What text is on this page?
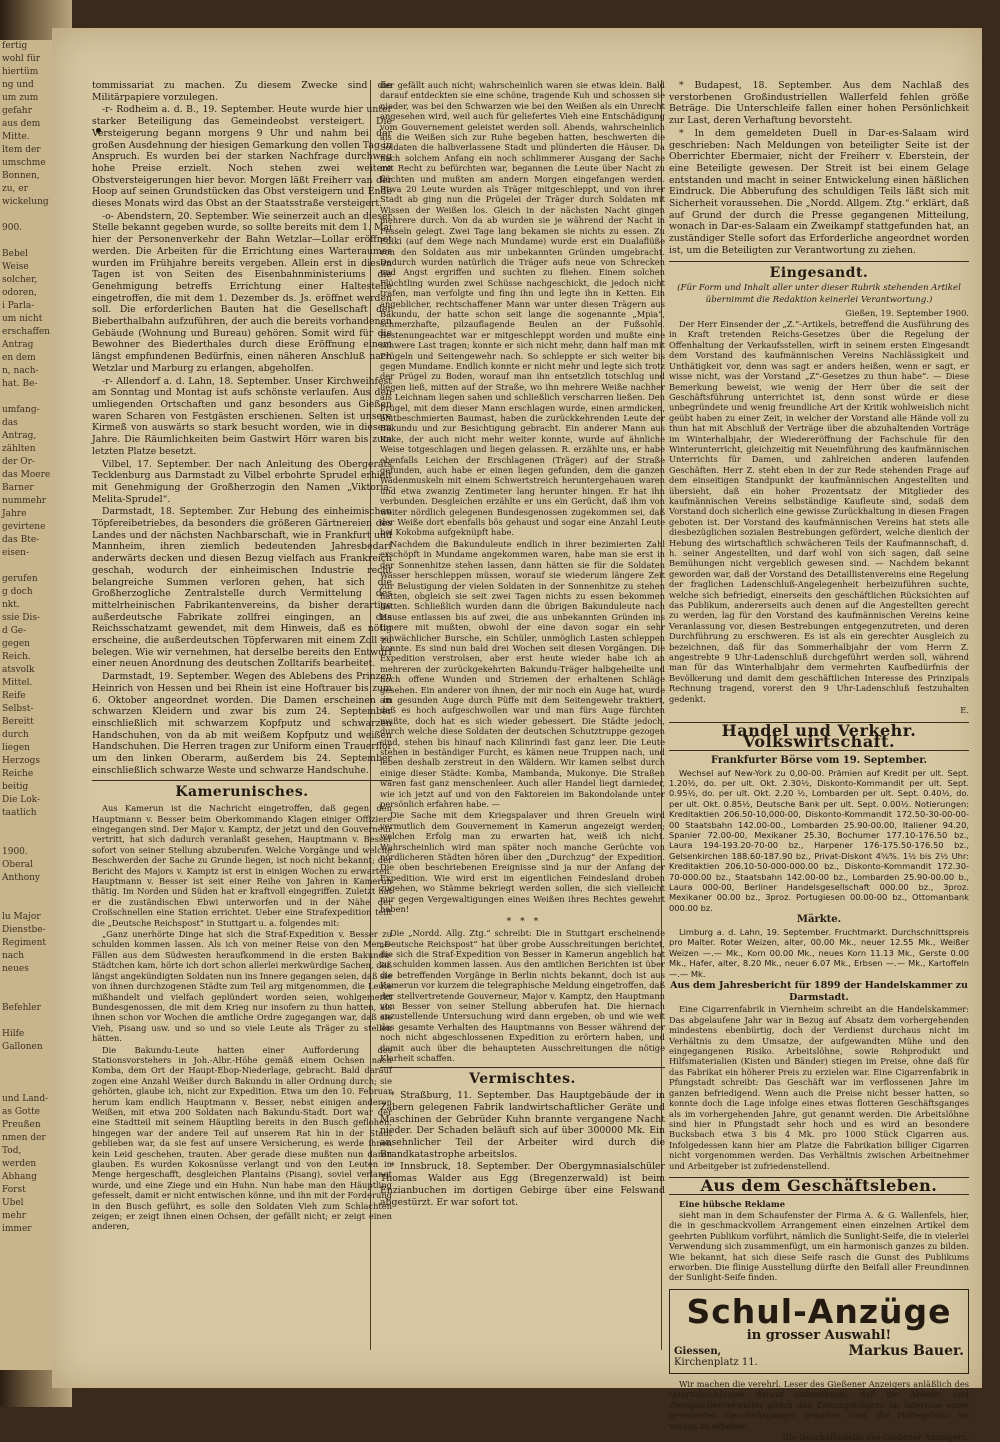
fertig

wohl für

hiertüm

ng und

um zum

gefahr

aus dem

Mitte.

ltem der

umschme

Bonnen,

zu, er

wickelung

900.

Bebel

Weise

solcher,

odoren,

i Parla-

um nicht

erschaffen

Antrag

en dem

n, nach-

hat. Be-

umfang-

das

Antrag,

zählten

der Or-

das Moere

Barner

nummehr

Jahre

gevirtene

das Bte-

eisen-

gerufen

g doch

nkt.

ssie Dis-

d Ge-

gegen

Reich.

atsvolk

Mittel.

Reife

Selbst-

Bereitt

durch

liegen

Herzogs

Reiche

beitig

Die Lok-

taatlich

1900.

Oberal

Anthony

lu Major

Dienstbe-

Regiment

nach

neues

Befehler

Hilfe

Gallonen

und Land-

as Gotte

Preußen

nmen der

Tod,

werden

Abhang

Forst

Ubel

mehr

immer

tommissariat zu machen. Zu diesem Zwecke sind die Militärpapiere vorzulegen.

-r- Rodheim a. d. B., 19. September. Heute wurde hier unter starker Beteiligung das Gemeindeobst versteigert. Die Versteigerung begann morgens 9 Uhr und nahm bei der großen Ausdehnung der hiesigen Gemarkung den vollen Tag in Anspruch. Es wurden bei der starken Nachfrage durchweg hohe Preise erzielt. Noch stehen zwei weitere Obstversteigerungen hier bevor. Morgen läßt Freiherr van der Hoop auf seinen Grundstücken das Obst versteigern und Ende dieses Monats wird das Obst an der Staatsstraße versteigert.

-o- Abendstern, 20. September. Wie seinerzeit auch an dieser Stelle bekannt gegeben wurde, so sollte bereits mit dem 1. Mai hier der Personenverkehr der Bahn Wetzlar—Lollar eröffnet werden. Die Arbeiten für die Errichtung eines Warteraumes wurden im Frühjahre bereits vergeben. Allein erst in diesen Tagen ist von Seiten des Eisenbahnministeriums die Genehmigung betreffs Errichtung einer Haltestelle eingetroffen, die mit dem 1. Dezember ds. Js. eröffnet werden soll. Die erforderlichen Bauten hat die Gesellschaft der Bieberthalbahn aufzuführen, der auch die bereits vorhandenen Gebäude (Wohnung und Bureau) gehören. Somit wird für die Bewohner des Biederthales durch diese Eröffnung einem längst empfundenen Bedürfnis, einen näheren Anschluß nach Wetzlar und Marburg zu erlangen, abgeholfen.

-r- Allendorf a. d. Lahn, 18. September. Unser Kirchweihfest am Sonntag und Montag ist aufs schönste verlaufen. Aus den umliegenden Ortschaften und ganz besonders aus Gießen waren Scharen von Festgästen erschienen. Selten ist unsere Kirmeß von auswärts so stark besucht worden, wie in diesem Jahre. Die Räumlichkeiten beim Gastwirt Hörr waren bis zum letzten Platze besetzt.

Vilbel, 17. September. Der nach Anleitung des Obergerats Tecklenburg aus Darmstadt zu Vilbel erbohrte Sprudel erhielt mit Genehmigung der Großherzogin den Namen „Viktoria-Melita-Sprudel“.

Darmstadt, 18. September. Zur Hebung des einheimischen Töpfereibetriebes, da besonders die größeren Gärtnereien des Landes und der nächsten Nachbarschaft, wie in Frankfurt und Mannheim, ihren ziemlich bedeutenden Jahresbedarf anderwärts decken und diesen Bezug vielfach aus Frankreich geschah, wodurch der einheimischen Industrie recht belangreiche Summen verloren gehen, hat sich die Großherzogliche Zentralstelle durch Vermittelung des mittelrheinischen Fabrikantenvereins, da bisher derartige außerdeutsche Fabrikate zollfrei eingingen, an das Reichsschatzamt gewendet, mit dem Hinweis, daß es nötig erscheine, die außerdeutschen Töpferwaren mit einem Zoll zu belegen. Wie wir vernehmen, hat derselbe bereits den Entwurf einer neuen Anordnung des deutschen Zolltarifs bearbeitet.

Darmstadt, 19. September. Wegen des Ablebens des Prinzen Heinrich von Hessen und bei Rhein ist eine Hoftrauer bis zum 6. Oktober angeordnet worden. Die Damen erscheinen in schwarzen Kleidern und zwar bis zum 24. September einschließlich mit schwarzem Kopfputz und schwarzen Handschuhen, von da ab mit weißem Kopfputz und weißen Handschuhen. Die Herren tragen zur Uniform einen Trauerflor um den linken Oberarm, außerdem bis 24. September einschließlich schwarze Weste und schwarze Handschuhe.

Kamerunisches.

Aus Kamerun ist die Nachricht eingetroffen, daß gegen den Hauptmann v. Besser beim Oberkommando Klagen einiger Offiziere eingegangen sind. Der Major v. Kamptz, der jetzt und den Gouverneur vertritt, hat sich dadurch veranlaßt gesehen, Hauptmann v. Besser sofort von seiner Stellung abzuberufen. Welche Vorgänge und welche Beschwerden der Sache zu Grunde liegen, ist noch nicht bekannt; der Bericht des Majors v. Kamptz ist erst in einigen Wochen zu erwarten. Hauptmann v. Besser ist seit einer Reihe von Jahren in Kamerun thätig. Im Norden und Süden hat er kraftvoll eingegriffen. Zuletzt hat er die zuständischen Ebwi unterworfen und in der Nähe der Croßschnellen eine Station errichtet. Ueber eine Strafexpedition teilt die „Deutsche Reichspost“ in Stuttgart u. a. folgendes mit:

„Ganz unerhörte Dinge hat sich die Straf-Expedition v. Besser zu schulden kommen lassen. Als ich von meiner Reise von den Meme-Fällen aus dem Südwesten heraufkommend in die ersten Bakundu-Städtchen kam, hörte ich dort schon allerlei merkwürdige Sachen, daß längst angekündigten Soldaten nun ins Innere gegangen seien, daß sie von ihnen durchzogenen Städte zum Teil arg mitgenommen, die Leute mißhandelt und vielfach geplündert worden seien, wohlgemerkt Bundesgenossen, die mit dem Krieg nur insofern zu thun hatten, als ihnen schon vor Wochen die amtliche Ordre zugegangen war, daß sie Vieh, Pisang usw. und so und so viele Leute als Träger zu stellen hätten.

Die Bakundu-Leute hatten einer Aufforderung des Stationsvorstehers in Joh.-Albr.-Höhe gemäß einem Ochsen nach Komba, dem Ort der Haupt-Ebop-Niederlage, gebracht. Bald darauf zogen eine Anzahl Weißer durch Bakundu in aller Ordnung durch; sie gehörten, glaube ich, nicht zur Expedition. Etwa um den 10. Februar herum kam endlich Hauptmann v. Besser, nebst einigen anderen Weißen, mit etwa 200 Soldaten nach Bakundu-Stadt. Dort war der eine Stadtteil mit seinem Häuptling bereits in den Busch geflohen, hingegen war der andere Teil auf unserem Rat hin in der Stadt geblieben war, da sie fest auf unsere Versicherung, es werde ihnen kein Leid geschehen, trauten. Aber gerade diese mußten nun daran glauben. Es wurden Kokosnüsse verlangt und von den Leuten in Menge hergeschafft, desgleichen Plantains (Pisang), soviel verlangt wurde, und eine Ziege und ein Huhn. Nun habe man den Häuptling gefesselt, damit er nicht entwischen könne, und ihn mit der Forderung in den Busch geführt, es solle den Soldaten Vieh zum Schlachten zeigen; er zeigt ihnen einen Ochsen, der gefällt nicht; er zeigt einen anderen,

der gefällt auch nicht; wahrscheinlich waren sie etwas klein. Bald darauf entdeckten sie eine schöne, tragende Kuh und schossen sie nieder, was bei den Schwarzen wie bei den Weißen als ein Unrecht angesehen wird, weil auch für geliefertes Vieh eine Entschädigung vom Gouvernement geleistet werden soll. Abends, wahrscheinlich als die Weißen sich zur Ruhe begeben hatten, beschwerten die Soldaten die halbverlassene Stadt und plünderten die Häuser. Da nach solchem Anfang ein noch schlimmerer Ausgang der Sache mit Recht zu befürchten war, begannen die Leute über Nacht zu flüchten und mußten am andern Morgen eingefangen werden. Etwa 20 Leute wurden als Träger mitgeschleppt, und von ihrer Stadt ab ging nun die Prügelei der Träger durch Soldaten mit Wissen der Weißen los. Gleich in der nächsten Nacht gingen mehrere durch. Von da ab wurden sie je während der Nacht in Fesseln gelegt. Zwei Tage lang bekamen sie nichts zu essen. Zu Ediki (auf dem Wege nach Mundame) wurde erst ein Dualaflüße von den Soldaten aus mir unbekannten Gründen umgebracht. Dadurch wurden natürlich die Träger aufs neue von Schrecken und Angst ergriffen und suchten zu fliehen. Einem solchen Flüchtling wurden zwei Schüsse nachgeschickt, die jedoch nicht trafen, man verfolgte und fing ihn und legte ihn in Ketten. Ein angeblicher, rechtschaffener Mann war unter diesen Trägern aus Bakundu, der hatte schon seit lange die sogenannte „Mpia“, schmerzhafte, pilzauflagende Beulen an der Fußsohle. Bestenungeachtet war er mitgeschleppt worden und mußte eine schwere Last tragen; konnte er sich nicht mehr, dann half man mit Prügeln und Seitengewehr nach. So schleppte er sich weiter bis gegen Mundame. Endlich konnte er nicht mehr und legte sich trotz der Prügel zu Boden, worauf man ihn entsetzlich totschlug und liegen ließ, mitten auf der Straße, wo ihn mehrere Weiße nachher als Leichnam liegen sahen und schließlich verscharren ließen. Den Prügel, mit dem dieser Mann erschlagen wurde, einen armdicken, blutbeschmierten Baumast, haben die zurückkehrenden Leute der Bakundu und zur Besichtigung gebracht. Ein anderer Mann aus Kake, der auch nicht mehr weiter konnte, wurde auf ähnliche Weise totgeschlagen und liegen gelassen. R. erzählte uns, er habe ebenfalls Leichen der Erschlagenen (Träger) auf der Straße gefunden, auch habe er einen liegen gefunden, dem die ganzen Wadenmuskeln mit einem Schwertstreich heruntergehauen waren und etwa zwanzig Zentimeter lang herunter hingen. Er hat ihn verbunden. Desgleichen erzählte er uns ein Gerücht, daß ihm von weiter nördlich gelegenen Bundesgenossen zugekommen sei, daß der Weiße dort ebenfalls bös gehaust und sogar eine Anzahl Leute bei Kokobma aufgeknüpft habe.

Nachdem die Bakunduleute endlich in ihrer bezimierten Zahl erschöpft in Mundame angekommen waren, habe man sie erst in der Sonnenhitze stehen lassen, dann hätten sie für die Soldaten Wasser herschleppen müssen, worauf sie wiederum längere Zeit zur Belustigung der vielen Soldaten in der Sonnenhitze zu stehen hatten, obgleich sie seit zwei Tagen nichts zu essen bekommen hatten. Schließlich wurden dann die übrigen Bakunduleute nach Hause entlassen bis auf zwei, die aus unbekannten Gründen ins Innere mit mußten, obwohl der eine davon sogar ein sehr schwächlicher Bursche, ein Schüler, unmöglich Lasten schleppen konnte. Es sind nun bald drei Wochen seit diesen Vorgängen. Die Expedition verstrolsen, aber erst heute wieder habe ich an mehreren der zurückgekehrten Bakundu-Träger halbgeheilte und noch offene Wunden und Striemen der erhaltenen Schläge gesehen. Ein anderer von ihnen, der mir noch ein Auge hat, wurde am gesunden Auge durch Püffe mit dem Seitengewehr traktiert, daß es hoch aufgeschwollen war und man fürs Auge fürchten mußte, doch hat es sich wieder gebessert. Die Städte jedoch, durch welche diese Soldaten der deutschen Schutztruppe gezogen sind, stehen bis hinauf nach Kilinrindi fast ganz leer. Die Leute stehen in beständiger Furcht, es kämen neue Truppen nach, und leben deshalb zerstreut in den Wäldern. Wir kamen selbst durch einige dieser Städte: Komba, Mambanda, Mukonye. Die Straßen waren fast ganz menschenleer. Auch aller Handel liegt darnieder, wie ich jetzt auf und von den Faktoreien im Bakondolande unter persönlich erfahren habe. —

Die Sache mit dem Kriegspalaver und ihren Greueln wird vermutlich dem Gouvernement in Kamerun angezeigt werden; welchen Erfolg man zu erwarten hat, weiß ich nicht. Wahrscheinlich wird man später noch manche Gerüchte von nördlicheren Städten hören über den „Durchzug“ der Expedition. Die oben beschriebenen Ereignisse sind ja nur der Anfang der Expedition. Wie wird erst im eigentlichen Feindesland droben zugehen, wo Stämme bekriegt werden sollen, die sich vielleicht nur gegen Vergewaltigungen eines Weißen ihres Rechtes gewehrt haben!

*   *   *

Die „Nordd. Allg. Ztg.“ schreibt: Die in Stuttgart erscheinende „Deutsche Reichspost“ hat über grobe Ausschreitungen berichtet, die sich die Straf-Expedition von Besser in Kamerun angeblich hat zu schulden kommen lassen. Aus den amtlichen Berichten ist über die betreffenden Vorgänge in Berlin nichts bekannt, doch ist aus Kamerun vor kurzem die telegraphische Meldung eingetroffen, daß der stellvertretende Gouverneur, Major v. Kamptz, den Hauptmann von Besser von seiner Stellung abberufen hat. Die hiernach anzustellende Untersuchung wird dann ergeben, ob und wie weit das gesamte Verhalten des Hauptmanns von Besser während der noch nicht abgeschlossenen Expedition zu erörtern haben, und damit auch über die behaupteten Ausschreitungen die nötige Klarheit schaffen.

Vermischtes.

* Straßburg, 11. September. Das Hauptgebäude der in Zabern gelegenen Fabrik landwirtschaftlicher Geräte und Maschinen der Gebrüder Kuhn brannte vergangene Nacht nieder. Der Schaden beläuft sich auf über 300000 Mk. Ein ansehnlicher Teil der Arbeiter wird durch die Brandkatastrophe arbeitslos.

* Innsbruck, 18. September. Der Obergymnasialschüler Thomas Walder aus Egg (Bregenzerwald) ist beim Enzianbuchen im dortigen Gebirge über eine Felswand abgestürzt. Er war sofort tot.

* Budapest, 18. September. Aus dem Nachlaß des verstorbenen Großindustriellen Wallerfeld fehlen größe Beträge. Die Unterschleife fallen einer hohen Persönlichkeit zur Last, deren Verhaftung bevorsteht.

* In dem gemeldeten Duell in Dar-es-Salaam wird geschrieben: Nach Meldungen von beteiligter Seite ist der Oberrichter Ebermaier, nicht der Freiherr v. Eberstein, der eine Beteiligte gewesen. Der Streit ist bei einem Gelage entstanden und macht in seiner Entwickelung einen häßlichen Eindruck. Die Abberufung des schuldigen Teils läßt sich mit Sicherheit voraussehen. Die „Nordd. Allgem. Ztg.“ erklärt, daß auf Grund der durch die Presse gegangenen Mitteilung, wonach in Dar-es-Salaam ein Zweikampf stattgefunden hat, an zuständiger Stelle sofort das Erforderliche angeordnet worden ist, um die Beteiligten zur Verantwortung zu ziehen.

Eingesandt.

(Für Form und Inhalt aller unter dieser Rubrik stehenden Artikel übernimmt die Redaktion keinerlei Verantwortung.)

Gießen, 19. September 1900.

Der Herr Einsender der „Z.“-Artikels, betreffend die Ausführung des in Kraft tretenden Reichs-Gesetzes über die Regelung der Offenhaltung der Verkaufsstellen, wirft in seinem ersten Eingesandt dem Vorstand des kaufmännischen Vereins Nachlässigkeit und Unthätigkeit vor, denn was sagt er anders heißen, wenn er sagt, er wisse nicht, was der Vorstand „Z“-Gesetzes zu thun habe“. — Diese Bemerkung beweist, wie wenig der Herr über die seit der Geschäftsführung unterrichtet ist, denn sonst würde er diese unbegründete und wenig freundliche Art der Kritik wohlweislich nicht geübt haben zu einer Zeit, in welcher der Vorstand alle Hände voll zu thun hat mit Abschluß der Verträge über die abzuhaltenden Vorträge im Winterhalbjahr, der Wiedereröffnung der Fachschule für den Winterunterricht, gleichzeitig mit Neueinführung des kaufmännischen Unterrichts für Damen, und zahlreichen anderen laufenden Geschäften. Herr Z. steht eben in der zur Rede stehenden Frage auf dem einseitigen Standpunkt der kaufmännischen Angestellten und übersieht, daß ein hoher Prozentsatz der Mitglieder des kaufmännischen Vereins selbständige Kaufleute sind, sodaß dem Vorstand doch sicherlich eine gewisse Zurückhaltung in diesen Fragen geboten ist. Der Vorstand des kaufmännischen Vereins hat stets alle diesbezüglichen sozialen Bestrebungen gefördert, welche dienlich der Hebung des wirtschaftlich schwächeren Teils der Kaufmannschaft, d. h. seiner Angestellten, und darf wohl von sich sagen, daß seine Bemühungen nicht vergeblich gewesen sind. — Nachdem bekannt geworden war, daß der Vorstand des Detaillistenvereins eine Regelung der fraglichen Ladenschluß-Angelegenheit herbeizuführen suchte, welche sich befriedigt, einerseits den geschäftlichen Rücksichten auf das Publikum, andererseits auch denen auf die Angestellten gerecht zu werden, lag für den Vorstand des kaufmännischen Vereins keine Veranlassung vor, diesen Bestrebungen entgegenzutreten, und deren Durchführung zu erschweren. Es ist als ein gerechter Ausgleich zu bezeichnen, daß für das Sommerhalbjahr der vom Herrn Z. angestrebte 9 Uhr-Ladenschluß durchgeführt werden soll, während man für das Winterhalbjahr dem vermehrten Kaufbedürfnis der Bevölkerung und damit dem geschäftlichen Interesse des Prinzipals Rechnung tragend, vorerst den 9 Uhr-Ladenschluß festzuhalten gedenkt.

E.

Handel und Verkehr. Volkswirtschaft.

Frankfurter Börse vom 19. September.

Wechsel auf New-York zu 0,00-00. Prämien auf Kredit per ult. Sept. 1.20½, do. per ult. Okt. 2.30½, Diskonto-Kommandit per ult. Sept. 0.95½, do. per ult. Okt. 2.20 ½, Lombarden per ult. Sept. 0.40½, do. per ult. Okt. 0.85½, Deutsche Bank per ult. Sept. 0.00½. Notierungen: Kreditaktien 206.50-10,000-00, Diskonto-Kommandit 172.50-30-00-00-00 Staatsbahn 142.00-00., Lombarden 25.90-00.00, Italiener 94.20, Spanier 72.00-00, Mexikaner 25.30, Bochumer 177.10-176.50 bz., Laura 194-193.20-70-00 bz., Harpener 176-175.50-176.50 bz., Gelsenkirchen 188.60-187.90 bz., Privat-Diskont 4⅝%. 1½ bis 2½ Uhr: Kreditaktien 206.10-50-000-000.00 bz., Diskonto-Kommandit 172.30-70-000.00 bz., Staatsbahn 142.00-00 bz., Lombarden 25.90-00.00 b., Laura 000-00, Berliner Handelsgesellschaft 000.00 bz., 3proz. Mexikaner 00.00 bz., 3proz. Portugiesen 00.00-00 bz., Ottomanbank 000.00 bz.

Märkte.

Limburg a. d. Lahn, 19. September. Fruchtmarkt. Durchschnittspreis pro Malter. Roter Weizen, alter, 00.00 Mk., neuer 12.55 Mk., Weißer Weizen —.— Mk., Korn 00.00 Mk., neues Korn 11.13 Mk., Gerste 0.00 Mk., Hafer, alter, 8.20 Mk., neuer 6.07 Mk., Erbsen —.— Mk., Kartoffeln —.— Mk.

Aus dem Jahresbericht für 1899 der Handelskammer zu Darmstadt.

Eine Cigarrenfabrik in Viernheim schreibt an die Handelskammer: Das abgelaufene Jahr war in Bezug auf Absatz dem vorhergehenden mindestens ebenbürtig, doch der Verdienst durchaus nicht im Verhältnis zu dem Umsatze, der aufgewandten Mühe und den eingegangenen Risiko. Arbeitslöhne, sowie Rohprodukt und Hilfsmaterialien (Kisten und Bänder) stiegen im Preise, ohne daß für das Fabrikat ein höherer Preis zu erzielen war. Eine Cigarrenfabrik in Pfungstadt schreibt: Das Geschäft war im verflossenen Jahre im ganzen befriedigend. Wenn auch die Preise nicht besser hatten, so konnte doch die Lage infolge eines etwas flotteren Geschäftsganges als im vorhergehenden Jahre, gut genannt werden. Die Arbeitslöhne sind hier in Pfungstadt sehr hoch und es wird an besondere Bucksbach etwa 3 bis 4 Mk. pro 1000 Stück Cigarren aus. Infolgedessen kann hier am Platze die Fabrikation billiger Cigarren nicht vorgenommen werden. Das Verhältnis zwischen Arbeitnehmer und Arbeitgeber ist zufriedenstellend.

Aus dem Geschäftsleben.

Eine hübsche Reklame

sieht man in dem Schaufenster der Firma A. & G. Wallenfels, hier, die in geschmackvollem Arrangement einen einzelnen Artikel dem geehrten Publikum vorführt, nämlich die Sunlight-Seife, die in vielerlei Verwendung sich zusammenfügt, um ein harmonisch ganzes zu bilden. Wie bekannt, hat sich diese Seife rasch die Gunst des Publikums erworben. Die flinige Ausstellung dürfte den Beifall aller Freundinnen der Sunlight-Seife finden.

Schul-Anzüge
in grosser Auswahl!
Giessen,
Kirchenplatz 11.
Markus Bauer.

Wir machen die verehrl. Leser des Gießener Anzeigers anläßlich des Quartalsschlusses darauf aufmerksam, daß die Abhole- und Zweigstellenverwalter gleich den Zeitungsträgern im Interesse eines geordneten Geschäftsganges gehalten sind, die Haltegebühr im voraus zu erheben.

Die Geschäftsstelle des Gießener Anzeigers.
